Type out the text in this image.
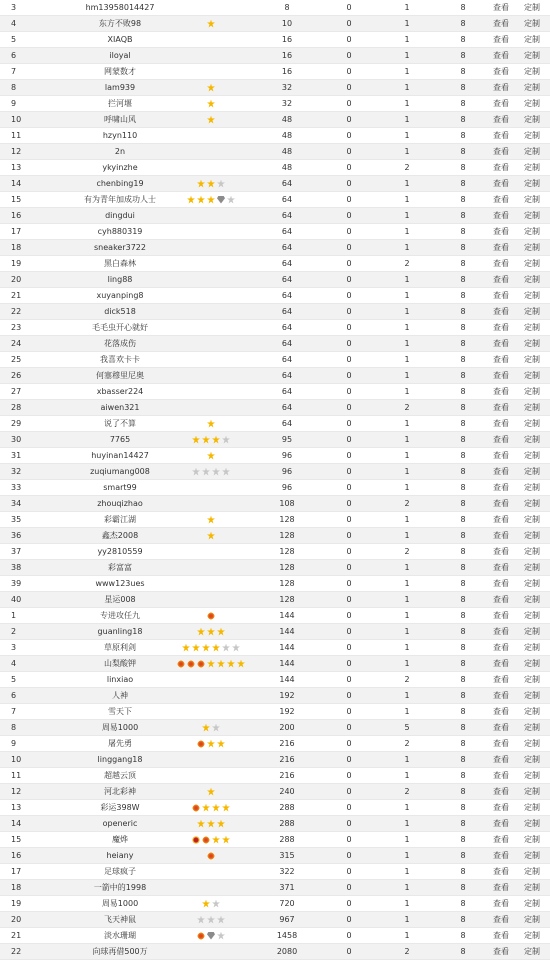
3	hm13958014427	8	0	1	8	查看 定制
4	东方不败98	10	0	1	8	查看 定制
5	XIAQB	16	0	1	8	查看 定制
6	iloyal	16	0	1	8	查看 定制
7	网蒙数才	16	0	1	8	查看 定制
8	lam939	32	0	1	8	查看 定制
9	拦河堰	32	0	1	8	查看 定制
10	呼啸山风	48	0	1	8	查看 定制
11	hzyn110	48	0	1	8	查看 定制
12	2n	48	0	1	8	查看 定制
13	ykyinzhe	48	0	2	8	查看 定制
14	chenbing19	64	0	1	8	查看 定制
15	有为青年加成功人士	64	0	1	8	查看 定制
16	dingdui	64	0	1	8	查看 定制
17	cyh880319	64	0	1	8	查看 定制
18	sneaker3722	64	0	1	8	查看 定制
19	黑白森林	64	0	2	8	查看 定制
20	ling88	64	0	1	8	查看 定制
21	xuyanping8	64	0	1	8	查看 定制
22	dick518	64	0	1	8	查看 定制
23	毛毛虫开心就好	64	0	1	8	查看 定制
24	花落成伤	64	0	1	8	查看 定制
25	我喜欢卡卡	64	0	1	8	查看 定制
26	何塞穆里尼奥	64	0	1	8	查看 定制
27	xbasser224	64	0	1	8	查看 定制
28	aiwen321	64	0	2	8	查看 定制
29	说了不算	64	0	1	8	查看 定制
30	7765	95	0	1	8	查看 定制
31	huyinan14427	96	0	1	8	查看 定制
32	zuqiumang008	96	0	1	8	查看 定制
33	smart99	96	0	1	8	查看 定制
34	zhouqizhao	108	0	2	8	查看 定制
35	彩霸江湖	128	0	1	8	查看 定制
36	鑫杰2008	128	0	1	8	查看 定制
37	yy2810559	128	0	2	8	查看 定制
38	彩富富	128	0	1	8	查看 定制
39	www123ues	128	0	1	8	查看 定制
40	星运008	128	0	1	8	查看 定制
1	专进攻任九	144	0	1	8	查看 定制
2	guanling18	144	0	1	8	查看 定制
3	草原利剑	144	0	1	8	查看 定制
4	山梨酸钾	144	0	1	8	查看 定制
5	linxiao	144	0	2	8	查看 定制
6	人神	192	0	1	8	查看 定制
7	雪天下	192	0	1	8	查看 定制
8	周易1000	200	0	5	8	查看 定制
9	屠先勇	216	0	2	8	查看 定制
10	linggang18	216	0	1	8	查看 定制
11	超越云顶	216	0	1	8	查看 定制
12	河北彩神	240	0	2	8	查看 定制
13	彩运398W	288	0	1	8	查看 定制
14	openeric	288	0	1	8	查看 定制
15	魔烨	288	0	1	8	查看 定制
16	heiany	315	0	1	8	查看 定制
17	足球疯子	322	0	1	8	查看 定制
18	一箭中的1998	371	0	1	8	查看 定制
19	周易1000	720	0	1	8	查看 定制
20	飞天神鼠	967	0	1	8	查看 定制
21	淡水珊瑚	1458	0	1	8	查看 定制
22	向球再借500万	2080	0	2	8	查看 定制
